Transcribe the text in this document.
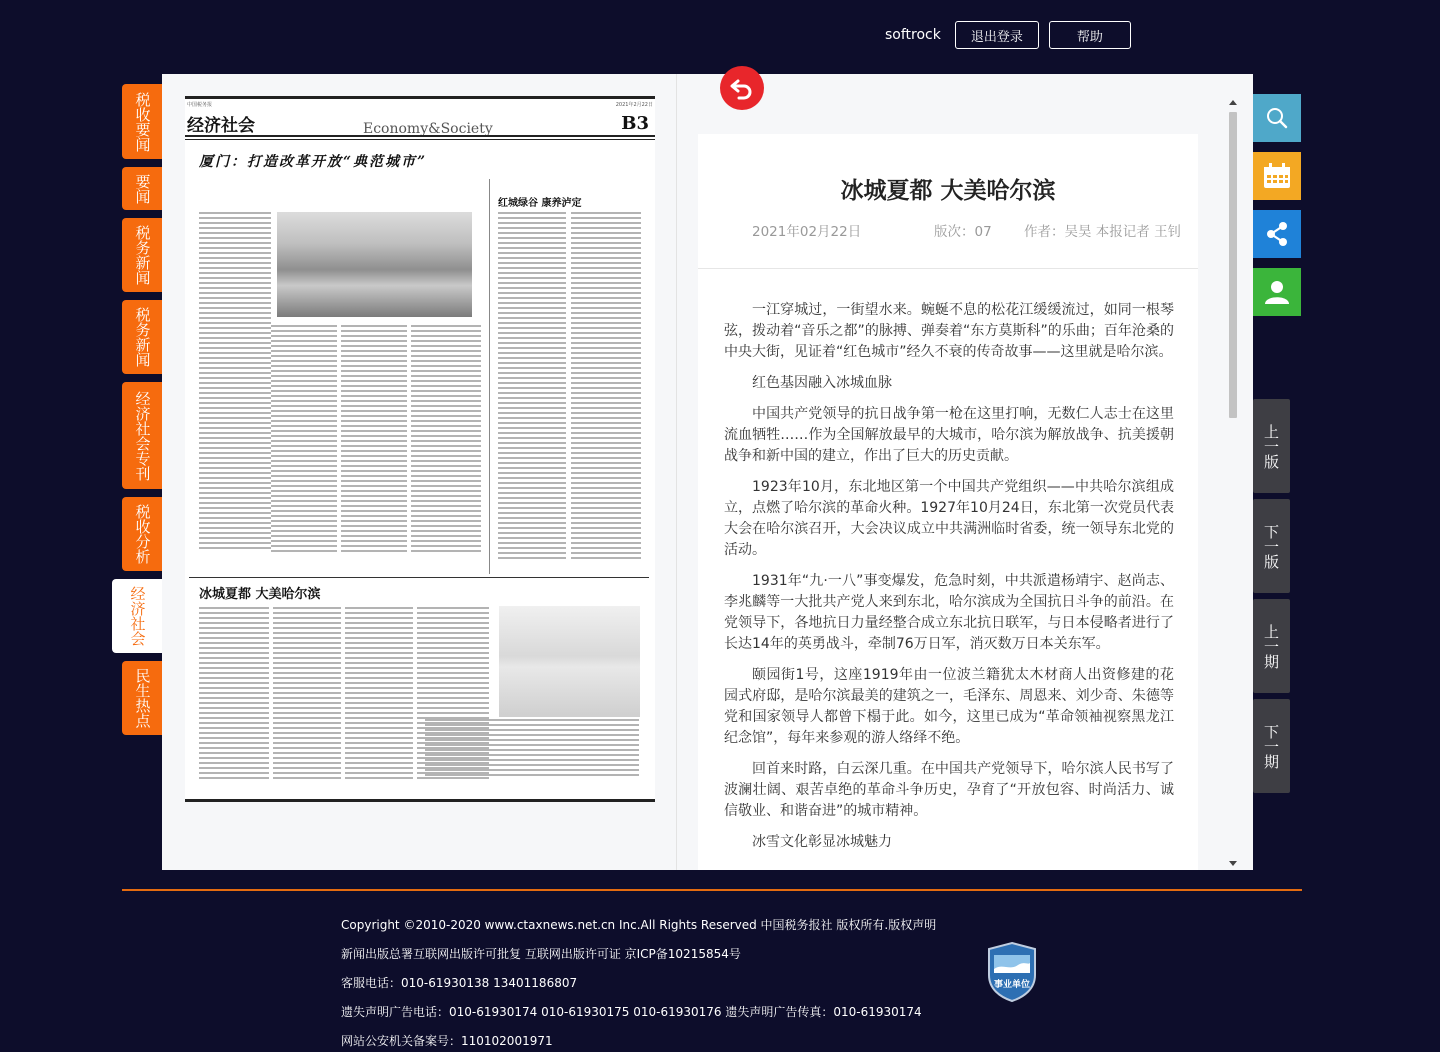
softrock	退出登录	帮助
税收要闻
要闻
税务新闻
税务新闻
经济社会专刊
税收分析
经济社会
民生热点
中国税务报	2021年2月22日
经济社会	Economy&Society	B3
厦门：打造改革开放“典范城市”
红城绿谷 康养泸定
冰城夏都 大美哈尔滨
冰城夏都 大美哈尔滨
2021年02月22日	版次：07	作者：吴昊 本报记者 王钊

一江穿城过，一街望水来。蜿蜒不息的松花江缓缓流过，如同一根琴弦，拨动着“音乐之都”的脉搏、弹奏着“东方莫斯科”的乐曲；百年沧桑的中央大街，见证着“红色城市”经久不衰的传奇故事——这里就是哈尔滨。

红色基因融入冰城血脉

中国共产党领导的抗日战争第一枪在这里打响，无数仁人志士在这里流血牺牲……作为全国解放最早的大城市，哈尔滨为解放战争、抗美援朝战争和新中国的建立，作出了巨大的历史贡献。

1923年10月，东北地区第一个中国共产党组织——中共哈尔滨组成立，点燃了哈尔滨的革命火种。1927年10月24日，东北第一次党员代表大会在哈尔滨召开，大会决议成立中共满洲临时省委，统一领导东北党的活动。

1931年“九·一八”事变爆发，危急时刻，中共派遣杨靖宇、赵尚志、李兆麟等一大批共产党人来到东北，哈尔滨成为全国抗日斗争的前沿。在党领导下，各地抗日力量经整合成立东北抗日联军，与日本侵略者进行了长达14年的英勇战斗，牵制76万日军，消灭数万日本关东军。

颐园街1号，这座1919年由一位波兰籍犹太木材商人出资修建的花园式府邸，是哈尔滨最美的建筑之一，毛泽东、周恩来、刘少奇、朱德等党和国家领导人都曾下榻于此。如今，这里已成为“革命领袖视察黑龙江纪念馆”，每年来参观的游人络绎不绝。

回首来时路，白云深几重。在中国共产党领导下，哈尔滨人民书写了波澜壮阔、艰苦卓绝的革命斗争历史，孕育了“开放包容、时尚活力、诚信敬业、和谐奋进”的城市精神。

冰雪文化彰显冰城魅力

上一版
下一版
上一期
下一期
Copyright ©2010-2020 www.ctaxnews.net.cn Inc.All Rights Reserved 中国税务报社 版权所有.版权声明
新闻出版总署互联网出版许可批复 互联网出版许可证 京ICP备10215854号
客服电话：010-61930138 13401186807
遗失声明广告电话：010-61930174 010-61930175 010-61930176 遗失声明广告传真：010-61930174
网站公安机关备案号：110102001971
事业单位
